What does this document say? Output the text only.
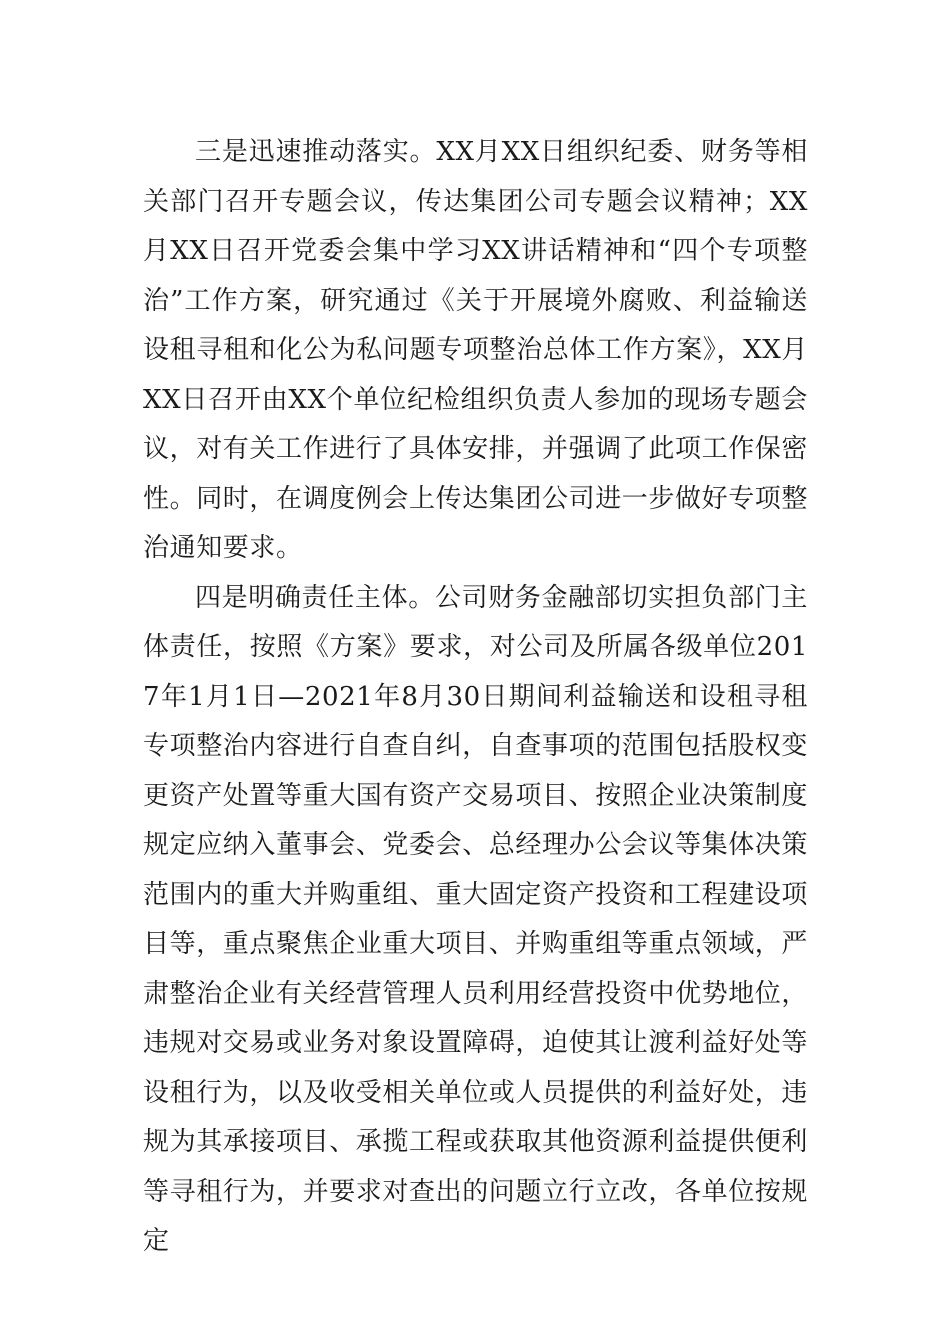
三是迅速推动落实。XX月XX日组织纪委、财务等相关部门召开专题会议，传达集团公司专题会议精神；XX月XX日召开党委会集中学习XX讲话精神和“四个专项整治”工作方案，研究通过《关于开展境外腐败、利益输送设租寻租和化公为私问题专项整治总体工作方案》，XX月XX日召开由XX个单位纪检组织负责人参加的现场专题会议，对有关工作进行了具体安排，并强调了此项工作保密性。同时，在调度例会上传达集团公司进一步做好专项整治通知要求。

四是明确责任主体。公司财务金融部切实担负部门主体责任，按照《方案》要求，对公司及所属各级单位2017年1月1日—2021年8月30日期间利益输送和设租寻租专项整治内容进行自查自纠，自查事项的范围包括股权变更资产处置等重大国有资产交易项目、按照企业决策制度规定应纳入董事会、党委会、总经理办公会议等集体决策范围内的重大并购重组、重大固定资产投资和工程建设项目等，重点聚焦企业重大项目、并购重组等重点领域，严肃整治企业有关经营管理人员利用经营投资中优势地位，违规对交易或业务对象设置障碍，迫使其让渡利益好处等设租行为，以及收受相关单位或人员提供的利益好处，违规为其承接项目、承揽工程或获取其他资源利益提供便利等寻租行为，并要求对查出的问题立行立改，各单位按规定
